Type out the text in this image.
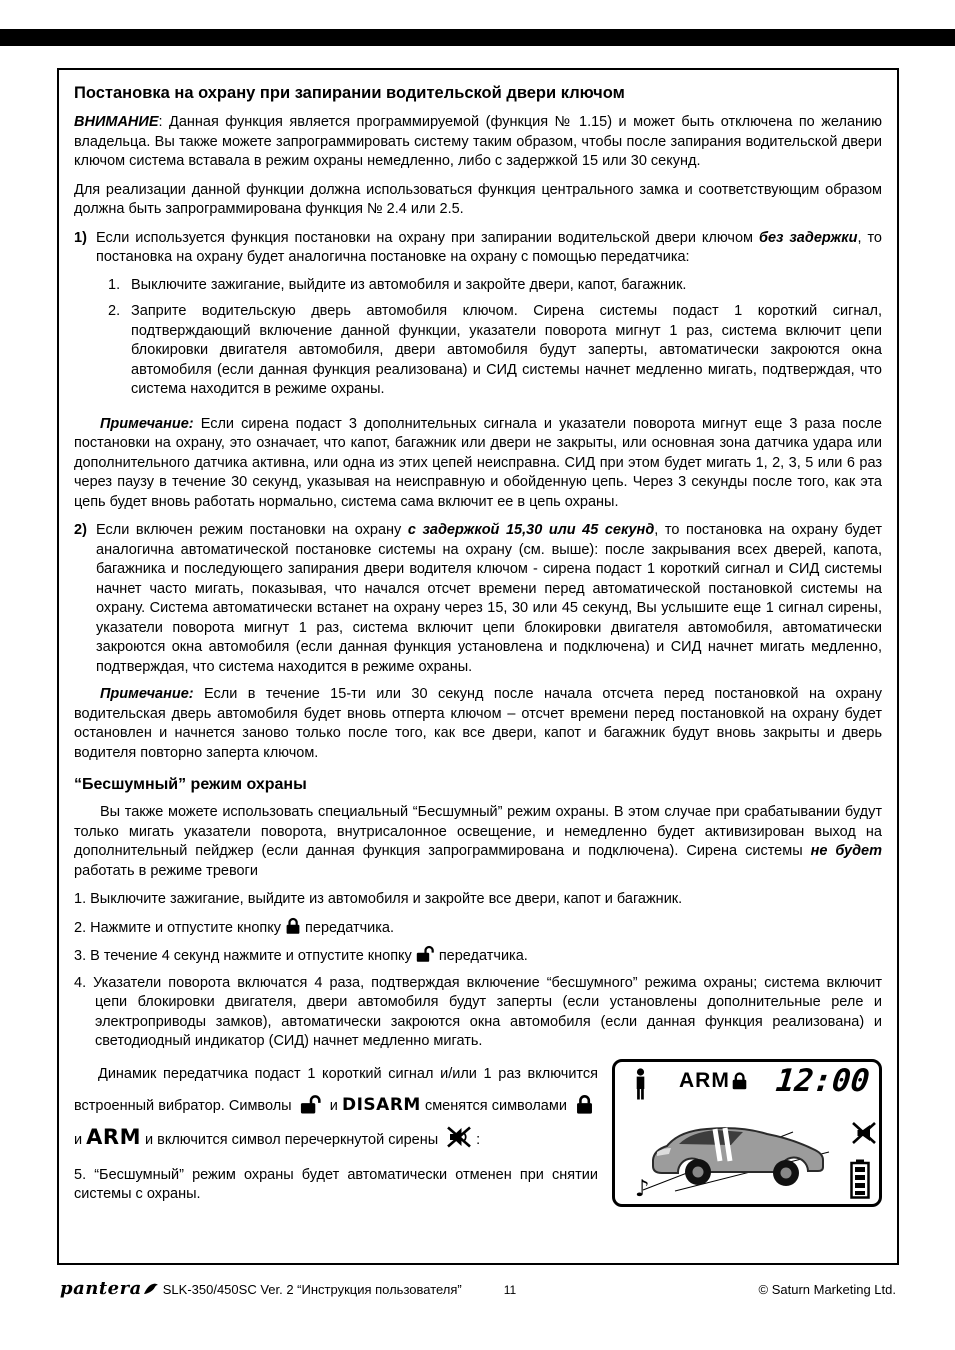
Постановка на охрану при запирании водительской двери ключом

ВНИМАНИЕ: Данная функция является программируемой (функция № 1.15) и может быть отключена по желанию владельца. Вы также можете запрограммировать систему таким образом, чтобы после запирания водительской двери ключом система вставала в режим охраны немедленно, либо с задержкой 15 или 30 секунд.

Для реализации данной функции должна использоваться функция центрального замка и соответствующим образом должна быть запрограммирована функция № 2.4 или 2.5.

1) Если используется функция постановки на охрану при запирании водительской двери ключом без задержки, то постановка на охрану будет аналогична постановке на охрану с помощью передатчика:

1. Выключите зажигание, выйдите из автомобиля и закройте двери, капот, багажник.

2. Заприте водительскую дверь автомобиля ключом. Сирена системы подаст 1 короткий сигнал, подтверждающий включение данной функции, указатели поворота мигнут 1 раз, система включит цепи блокировки двигателя автомобиля, двери автомобиля будут заперты, автоматически закроются окна автомобиля (если данная функция реализована) и СИД системы начнет медленно мигать, подтверждая, что система находится в режиме охраны.

Примечание: Если сирена подаст 3 дополнительных сигнала и указатели поворота мигнут еще 3 раза после постановки на охрану, это означает, что капот, багажник или двери не закрыты, или основная зона датчика удара или дополнительного датчика активна, или одна из этих цепей неисправна. СИД при этом будет мигать 1, 2, 3, 5 или 6 раз через паузу в течение 30 секунд, указывая на неисправную и обойденную цепь. Через 3 секунды после того, как эта цепь будет вновь работать нормально, система сама включит ее в цепь охраны.

2) Если включен режим постановки на охрану с задержкой 15,30 или 45 секунд, то постановка на охрану будет аналогична автоматической постановке системы на охрану (см. выше): после закрывания всех дверей, капота, багажника и последующего запирания двери водителя ключом - сирена подаст 1 короткий сигнал и СИД системы начнет часто мигать, показывая, что начался отсчет времени перед автоматической постановкой системы на охрану. Система автоматически встанет на охрану через 15, 30 или 45 секунд, Вы услышите еще 1 сигнал сирены, указатели поворота мигнут 1 раз, система включит цепи блокировки двигателя автомобиля, автоматически закроются окна автомобиля (если данная функция установлена и подключена) и СИД начнет мигать медленно, подтверждая, что система находится в режиме охраны.

Примечание: Если в течение 15-ти или 30 секунд после начала отсчета перед постановкой на охрану водительская дверь автомобиля будет вновь отперта ключом – отсчет времени перед постановкой на охрану будет остановлен и начнется заново только после того, как все двери, капот и багажник будут вновь закрыты и дверь водителя повторно заперта ключом.

“Бесшумный” режим охраны

Вы также можете использовать специальный “Бесшумный” режим охраны. В этом случае при срабатывании будут только мигать указатели поворота, внутрисалонное освещение, и немедленно будет активизирован выход на дополнительный пейджер (если данная функция запрограммирована и подключена). Сирена системы не будет работать в режиме тревоги

1. Выключите зажигание, выйдите из автомобиля и закройте все двери, капот и багажник.

2. Нажмите и отпустите кнопку передатчика.

3. В течение 4 секунд нажмите и отпустите кнопку передатчика.

4. Указатели поворота включатся 4 раза, подтверждая включение “бесшумного” режима охраны; система включит цепи блокировки двигателя, двери автомобиля будут заперты (если установлены дополнительные реле и электроприводы замков), автоматически закроются окна автомобиля (если данная функция реализована) и светодиодный индикатор (СИД) начнет медленно мигать.

Динамик передатчика подаст 1 короткий сигнал и/или 1 раз включится встроенный вибратор. Символы	и DISARM сменятся символами  и ARM и включится символ перечеркнутой сирены	:

5. “Бесшумный” режим охраны будет автоматически отменен при снятии системы с охраны.

ARM 12:00
♪
pantera SLK-350/450SC Ver. 2 “Инструкция пользователя”	11	© Saturn Marketing Ltd.
